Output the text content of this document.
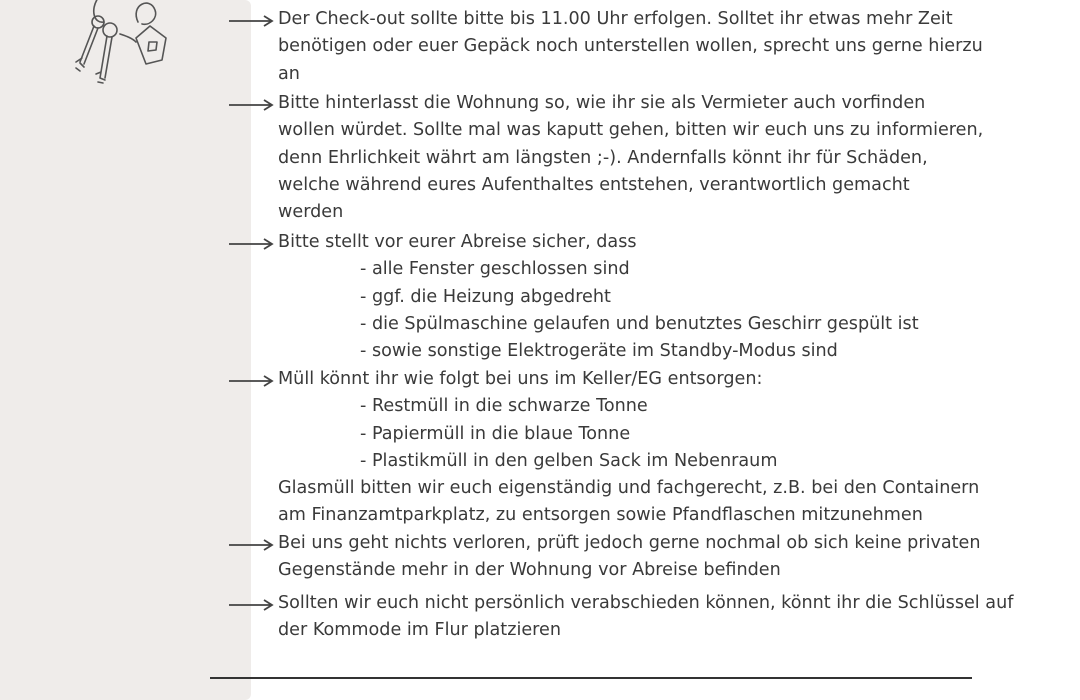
Der Check-out sollte bitte bis 11.00 Uhr erfolgen. Solltet ihr etwas mehr Zeit
benötigen oder euer Gepäck noch unterstellen wollen, sprecht uns gerne hierzu
an
Bitte hinterlasst die Wohnung so, wie ihr sie als Vermieter auch vorfinden
wollen würdet. Sollte mal was kaputt gehen, bitten wir euch uns zu informieren,
denn Ehrlichkeit währt am längsten ;-). Andernfalls könnt ihr für Schäden,
welche während eures Aufenthaltes entstehen, verantwortlich gemacht
werden
Bitte stellt vor eurer Abreise sicher, dass
- alle Fenster geschlossen sind
- ggf. die Heizung abgedreht
- die Spülmaschine gelaufen und benutztes Geschirr gespült ist
- sowie sonstige Elektrogeräte im Standby-Modus sind
Müll könnt ihr wie folgt bei uns im Keller/EG entsorgen:
- Restmüll in die schwarze Tonne
- Papiermüll in die blaue Tonne
- Plastikmüll in den gelben Sack im Nebenraum
Glasmüll bitten wir euch eigenständig und fachgerecht, z.B. bei den Containern
am Finanzamtparkplatz, zu entsorgen sowie Pfandflaschen mitzunehmen
Bei uns geht nichts verloren, prüft jedoch gerne nochmal ob sich keine privaten
Gegenstände mehr in der Wohnung vor Abreise befinden
Sollten wir euch nicht persönlich verabschieden können, könnt ihr die Schlüssel auf
der Kommode im Flur platzieren
